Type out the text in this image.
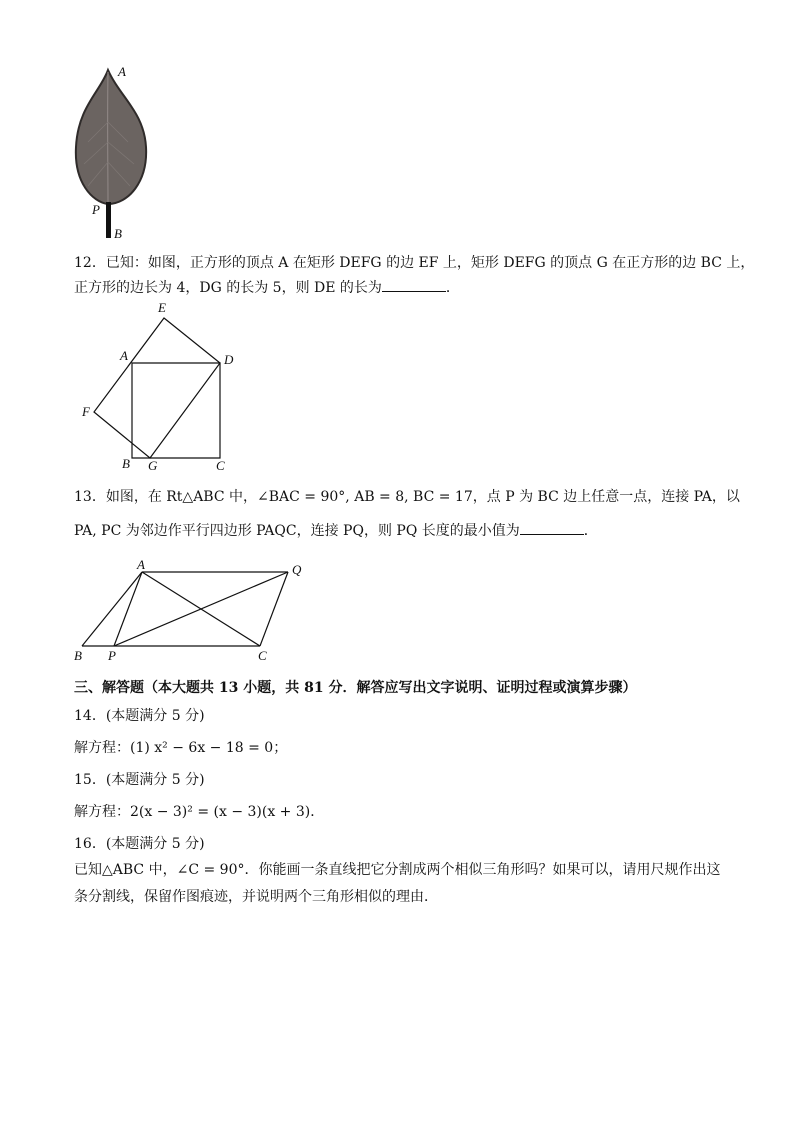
A
P
B
12．已知：如图，正方形的顶点 A 在矩形 DEFG 的边 EF 上，矩形 DEFG 的顶点 G 在正方形的边 BC 上，
正方形的边长为 4，DG 的长为 5，则 DE 的长为	．
E
A	D
F
B G	C
13．如图，在 Rt△ABC 中，∠BAC = 90°, AB = 8, BC = 17，点 P 为 BC 边上任意一点，连接 PA，以
PA, PC 为邻边作平行四边形 PAQC，连接 PQ，则 PQ 长度的最小值为	．
A	Q
B P	C
三、解答题（本大题共 13 小题，共 81 分．解答应写出文字说明、证明过程或演算步骤）
14．(本题满分 5 分)
解方程：(1) x² − 6x − 18 = 0；
15．(本题满分 5 分)
解方程：2(x − 3)² = (x − 3)(x + 3)．
16．(本题满分 5 分)
已知△ABC 中，∠C = 90°．你能画一条直线把它分割成两个相似三角形吗？如果可以，请用尺规作出这
条分割线，保留作图痕迹，并说明两个三角形相似的理由．
